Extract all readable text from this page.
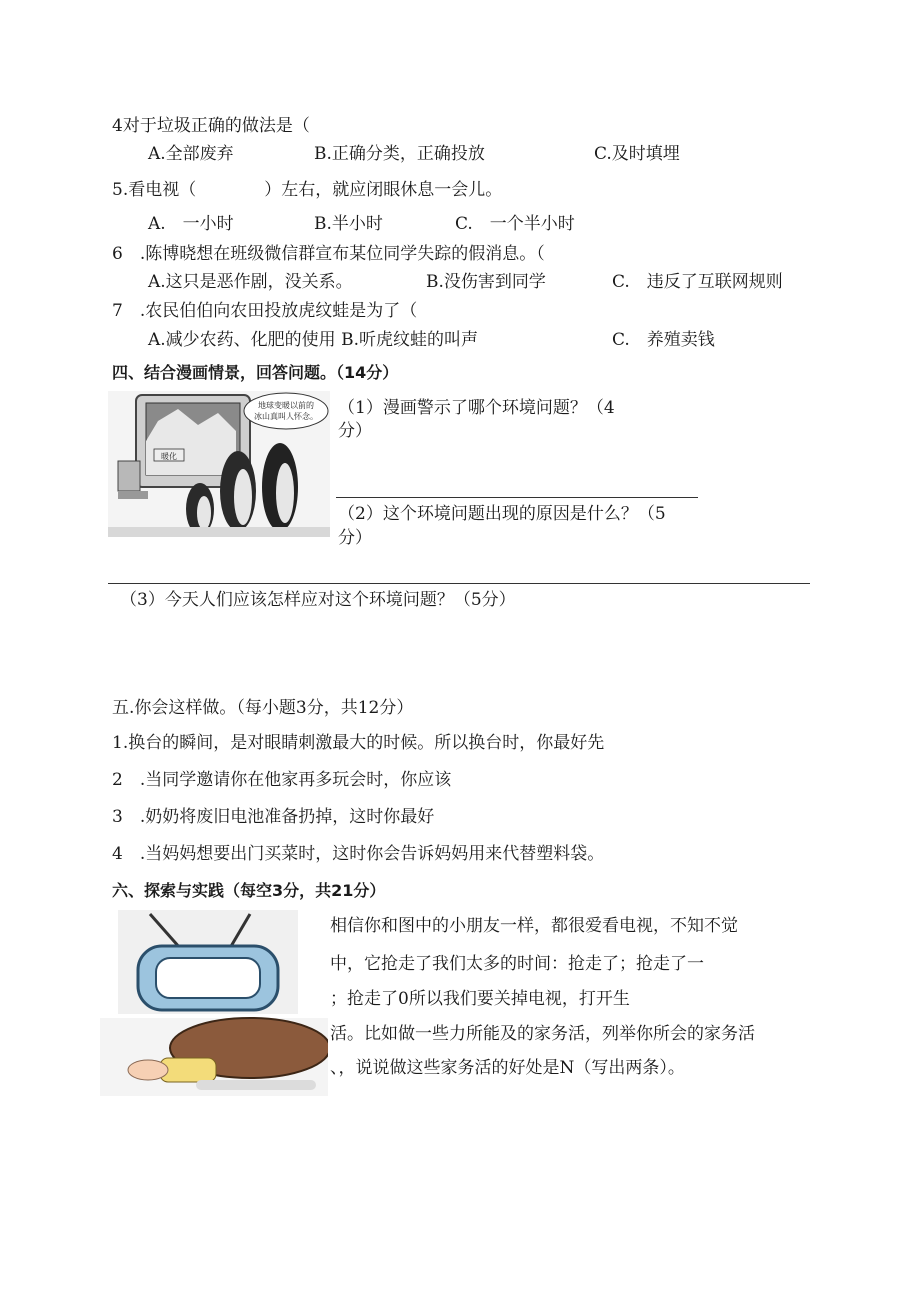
4对于垃圾正确的做法是（
A.全部废弃	B.正确分类，正确投放	C.及时填埋
5.看电视（　　　　）左右，就应闭眼休息一会儿。
A.　一小时	B.半小时	C.　一个半小时
6　.陈博晓想在班级微信群宣布某位同学失踪的假消息。（
A.这只是恶作剧，没关系。	B.没伤害到同学	C.　违反了互联网规则
7　.农民伯伯向农田投放虎纹蛙是为了（
A.减少农药、化肥的使用 B.听虎纹蛙的叫声	C.　养殖卖钱
四、结合漫画情景，回答问题。（14分）
暖化
地球变暖以前的
冰山真叫人怀念。 （1）漫画警示了哪个环境问题？（4
分）
（2）这个环境问题出现的原因是什么？（5
分）
（3）今天人们应该怎样应对这个环境问题？（5分）
五.你会这样做。（每小题3分，共12分）
1.换台的瞬间，是对眼睛刺激最大的时候。所以换台时，你最好先
2　.当同学邀请你在他家再多玩会时，你应该
3　.奶奶将废旧电池准备扔掉，这时你最好
4　.当妈妈想要出门买菜时，这时你会告诉妈妈用来代替塑料袋。
六、探索与实践（每空3分，共21分）
相信你和图中的小朋友一样，都很爱看电视，不知不觉
中，它抢走了我们太多的时间：抢走了；抢走了一
；抢走了0所以我们要关掉电视，打开生
活。比如做一些力所能及的家务活，列举你所会的家务活
、，说说做这些家务活的好处是N（写出两条）。
